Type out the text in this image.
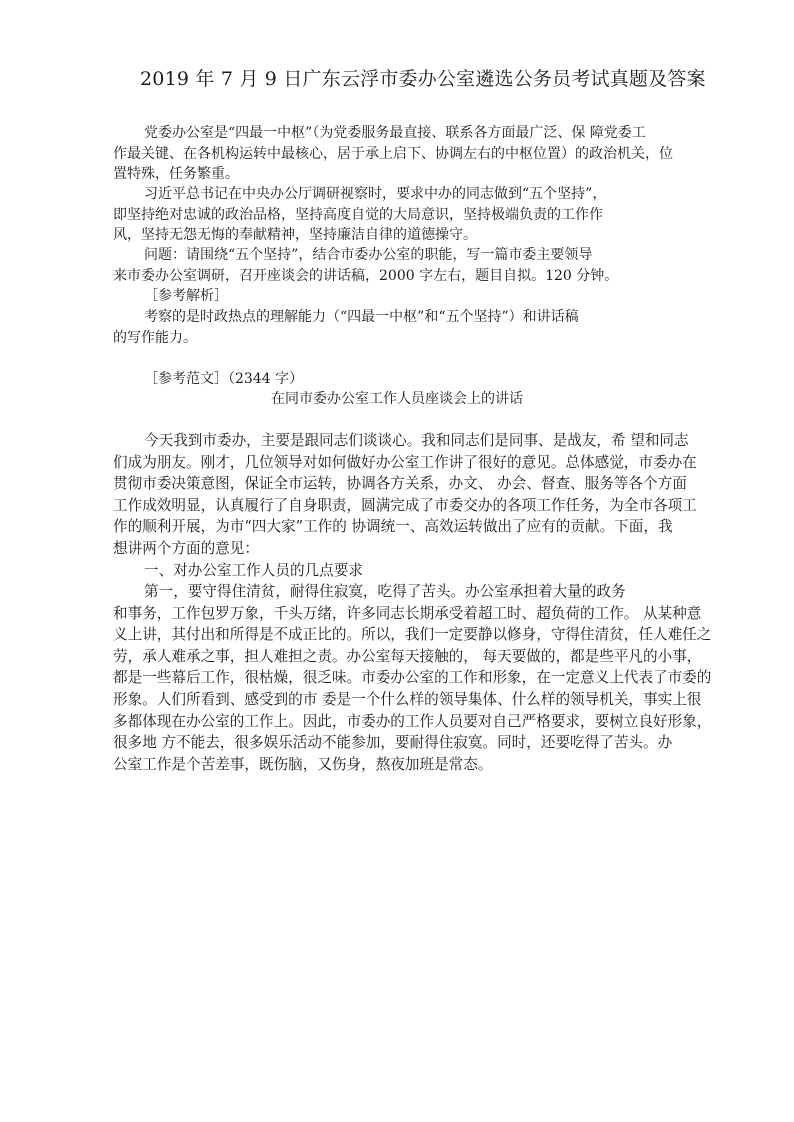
2019 年 7 月 9 日广东云浮市委办公室遴选公务员考试真题及答案
党委办公室是“四最一中枢”（为党委服务最直接、联系各方面最广泛、保 障党委工
作最关键、在各机构运转中最核心，居于承上启下、协调左右的中枢位置）的政治机关，位
置特殊，任务繁重。
习近平总书记在中央办公厅调研视察时，要求中办的同志做到“五个坚持”，
即坚持绝对忠诚的政治品格，坚持高度自觉的大局意识，坚持极端负责的工作作
风，坚持无怨无悔的奉献精神，坚持廉洁自律的道德操守。
问题：请围绕“五个坚持”，结合市委办公室的职能，写一篇市委主要领导
来市委办公室调研，召开座谈会的讲话稿，2000 字左右，题目自拟。120 分钟。
［参考解析］
考察的是时政热点的理解能力（“四最一中枢”和“五个坚持”）和讲话稿
的写作能力。
［参考范文］（2344 字）
在同市委办公室工作人员座谈会上的讲话
今天我到市委办，主要是跟同志们谈谈心。我和同志们是同事、是战友，希 望和同志
们成为朋友。刚才，几位领导对如何做好办公室工作讲了很好的意见。总体感觉，市委办在
贯彻市委决策意图，保证全市运转，协调各方关系，办文、 办会、督查、服务等各个方面
工作成效明显，认真履行了自身职责，圆满完成了市委交办的各项工作任务，为全市各项工
作的顺利开展，为市“四大家”工作的 协调统一、高效运转做出了应有的贡献。下面，我
想讲两个方面的意见：
一、对办公室工作人员的几点要求
第一，要守得住清贫，耐得住寂寞，吃得了苦头。办公室承担着大量的政务
和事务，工作包罗万象，千头万绪，许多同志长期承受着超工时、超负荷的工作。 从某种意
义上讲，其付出和所得是不成正比的。所以，我们一定要静以修身，守得住清贫，任人难任之
劳，承人难承之事，担人难担之责。办公室每天接触的， 每天要做的，都是些平凡的小事，
都是一些幕后工作，很枯燥，很乏味。市委办公室的工作和形象，在一定意义上代表了市委的
形象。人们所看到、感受到的市 委是一个什么样的领导集体、什么样的领导机关，事实上很
多都体现在办公室的工作上。因此，市委办的工作人员要对自己严格要求，要树立良好形象，
很多地 方不能去，很多娱乐活动不能参加，要耐得住寂寞。同时，还要吃得了苦头。办
公室工作是个苦差事，既伤脑，又伤身，熬夜加班是常态。
